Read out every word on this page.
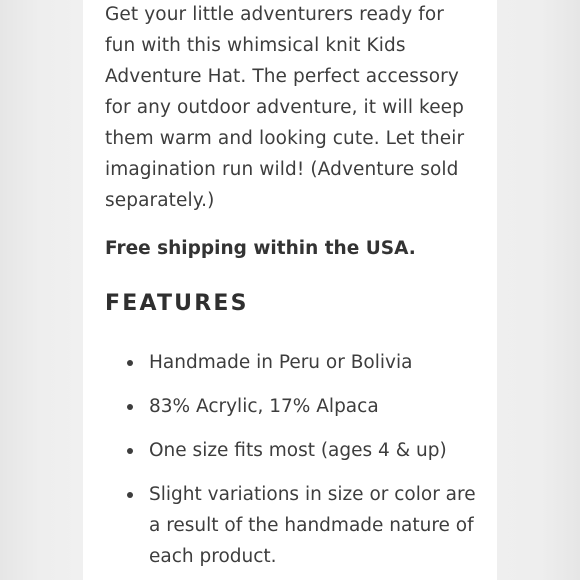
Get your little adventurers ready for fun with this whimsical knit Kids Adventure Hat. The perfect accessory for any outdoor adventure, it will keep them warm and looking cute. Let their imagination run wild! (Adventure sold separately.)

Free shipping within the USA.

FEATURES
Handmade in Peru or Bolivia
83% Acrylic, 17% Alpaca
One size fits most (ages 4 & up)
Slight variations in size or color are a result of the handmade nature of each product.
